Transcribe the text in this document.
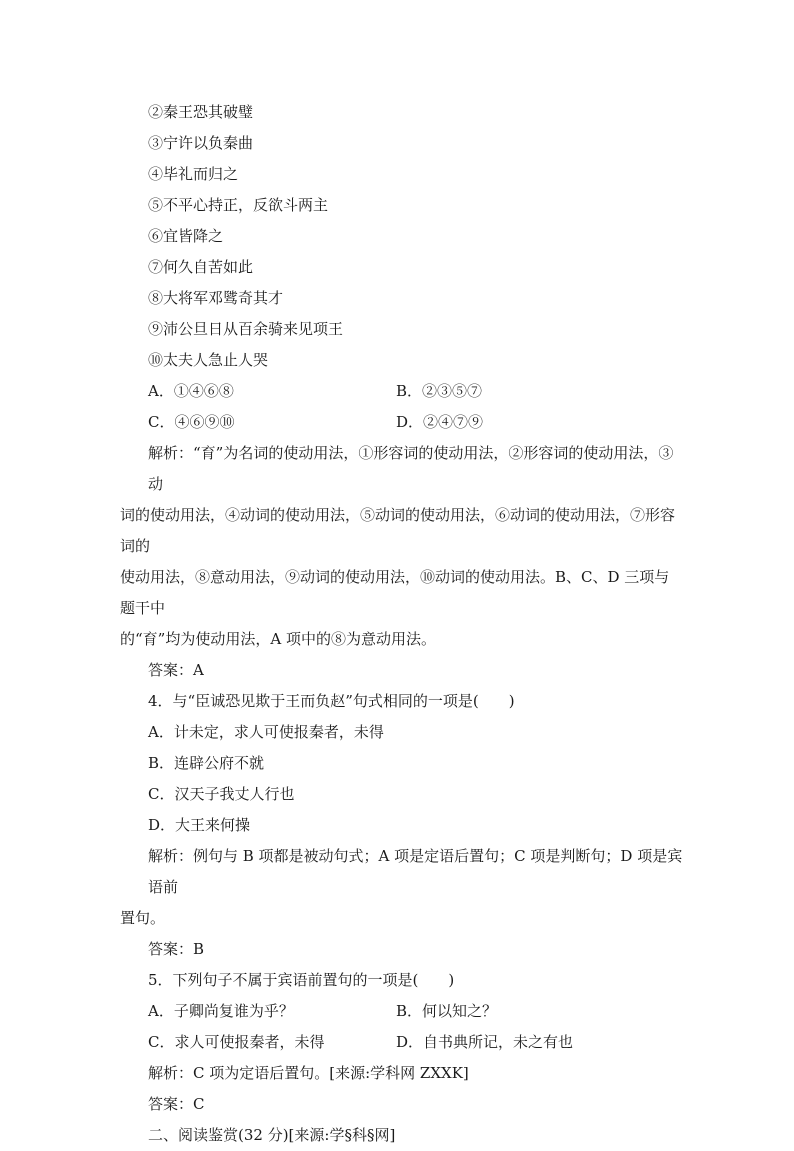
②秦王恐其破璧
③宁许以负秦曲
④毕礼而归之
⑤不平心持正，反欲斗两主
⑥宜皆降之
⑦何久自苦如此
⑧大将军邓骘奇其才
⑨沛公旦日从百余骑来见项王
⑩太夫人急止人哭
A．①④⑥⑧	B．②③⑤⑦
C．④⑥⑨⑩	D．②④⑦⑨
解析：“育”为名词的使动用法，①形容词的使动用法，②形容词的使动用法，③动
词的使动用法，④动词的使动用法，⑤动词的使动用法，⑥动词的使动用法，⑦形容词的
使动用法，⑧意动用法，⑨动词的使动用法，⑩动词的使动用法。B、C、D 三项与题干中
的“育”均为使动用法，A 项中的⑧为意动用法。
答案：A
4．与“臣诚恐见欺于王而负赵”句式相同的一项是(　　)
A．计未定，求人可使报秦者，未得
B．连辟公府不就
C．汉天子我丈人行也
D．大王来何操
解析：例句与 B 项都是被动句式；A 项是定语后置句；C 项是判断句；D 项是宾语前
置句。
答案：B
5．下列句子不属于宾语前置句的一项是(　　)
A．子卿尚复谁为乎？	B．何以知之？
C．求人可使报秦者，未得	D．自书典所记，未之有也
解析：C 项为定语后置句。[来源:学科网 ZXXK]
答案：C
二、阅读鉴赏(32 分)[来源:学§科§网]
